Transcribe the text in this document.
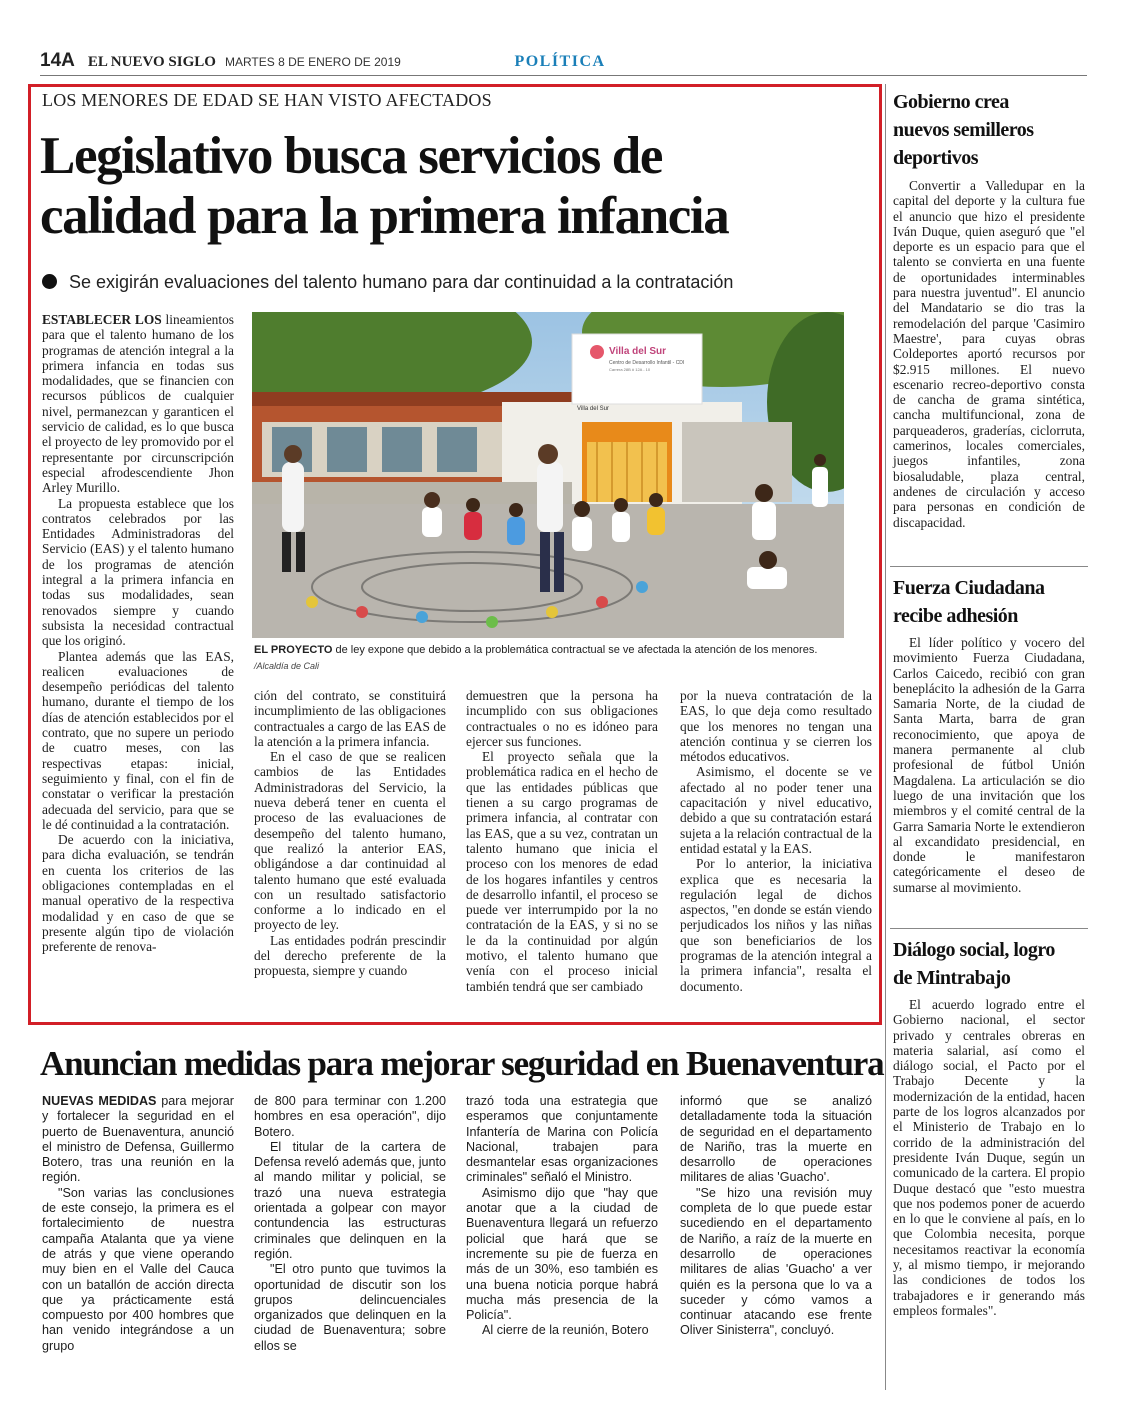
14A EL NUEVO SIGLO MARTES 8 DE ENERO DE 2019	POLÍTICA
LOS MENORES DE EDAD SE HAN VISTO AFECTADOS
Legislativo busca servicios de
calidad para la primera infancia
Se exigirán evaluaciones del talento humano para dar continuidad a la contratación

ESTABLECER LOS lineamientos para que el talento humano de los programas de atención integral a la primera infancia en todas sus modalidades, que se financien con recursos públicos de cualquier nivel, permanezcan y garanticen el servicio de calidad, es lo que busca el proyecto de ley promovido por el representante por circunscripción especial afrodescendiente Jhon Arley Murillo.

La propuesta establece que los contratos celebrados por las Entidades Administradoras del Servicio (EAS) y el talento humano de los programas de atención integral a la primera infancia en todas sus modalidades, sean renovados siempre y cuando subsista la necesidad contractual que los originó.

Plantea además que las EAS, realicen evaluaciones de desempeño periódicas del talento humano, durante el tiempo de los días de atención establecidos por el contrato, que no supere un periodo de cuatro meses, con las respectivas etapas: inicial, seguimiento y final, con el fin de constatar o verificar la prestación adecuada del servicio, para que se le dé continuidad a la contratación.

De acuerdo con la iniciativa, para dicha evaluación, se tendrán en cuenta los criterios de las obligaciones contempladas en el manual operativo de la respectiva modalidad y en caso de que se presente algún tipo de violación preferente de renova-

Villa del Sur
Centro de Desarrollo Infantil - CDI
Carrera 28B # 12A - 10
Villa del Sur
EL PROYECTO de ley expone que debido a la problemática contractual se ve afectada la atención de los menores.
/Alcaldía de Cali

ción del contrato, se constituirá incumplimiento de las obligaciones contractuales a cargo de las EAS de la atención a la primera infancia.

En el caso de que se realicen cambios de las Entidades Administradoras del Servicio, la nueva deberá tener en cuenta el proceso de las evaluaciones de desempeño del talento humano, que realizó la anterior EAS, obligándose a dar continuidad al talento humano que esté evaluada con un resultado satisfactorio conforme a lo indicado en el proyecto de ley.

Las entidades podrán prescindir del derecho preferente de la propuesta, siempre y cuando

demuestren que la persona ha incumplido con sus obligaciones contractuales o no es idóneo para ejercer sus funciones.

El proyecto señala que la problemática radica en el hecho de que las entidades públicas que tienen a su cargo programas de primera infancia, al contratar con las EAS, que a su vez, contratan un talento humano que inicia el proceso con los menores de edad de los hogares infantiles y centros de desarrollo infantil, el proceso se puede ver interrumpido por la no contratación de la EAS, y si no se le da la continuidad por algún motivo, el talento humano que venía con el proceso inicial también tendrá que ser cambiado

por la nueva contratación de la EAS, lo que deja como resultado que los menores no tengan una atención continua y se cierren los métodos educativos.

Asimismo, el docente se ve afectado al no poder tener una capacitación y nivel educativo, debido a que su contratación estará sujeta a la relación contractual de la entidad estatal y la EAS.

Por lo anterior, la iniciativa explica que es necesaria la regulación legal de dichos aspectos, "en donde se están viendo perjudicados los niños y las niñas que son beneficiarios de los programas de la atención integral a la primera infancia", resalta el documento.

Gobierno crea
nuevos semilleros
deportivos

Convertir a Valledupar en la capital del deporte y la cultura fue el anuncio que hizo el presidente Iván Duque, quien aseguró que "el deporte es un espacio para que el talento se convierta en una fuente de oportunidades interminables para nuestra juventud". El anuncio del Mandatario se dio tras la remodelación del parque 'Casimiro Maestre', para cuyas obras Coldeportes aportó recursos por $2.915 millones. El nuevo escenario recreo-deportivo consta de cancha de grama sintética, cancha multifuncional, zona de parqueaderos, graderías, ciclorruta, camerinos, locales comerciales, juegos infantiles, zona biosaludable, plaza central, andenes de circulación y acceso para personas en condición de discapacidad.

Fuerza Ciudadana
recibe adhesión

El líder político y vocero del movimiento Fuerza Ciudadana, Carlos Caicedo, recibió con gran beneplácito la adhesión de la Garra Samaria Norte, de la ciudad de Santa Marta, barra de gran reconocimiento, que apoya de manera permanente al club profesional de fútbol Unión Magdalena. La articulación se dio luego de una invitación que los miembros y el comité central de la Garra Samaria Norte le extendieron al excandidato presidencial, en donde le manifestaron categóricamente el deseo de sumarse al movimiento.

Diálogo social, logro
de Mintrabajo

El acuerdo logrado entre el Gobierno nacional, el sector privado y centrales obreras en materia salarial, así como el diálogo social, el Pacto por el Trabajo Decente y la modernización de la entidad, hacen parte de los logros alcanzados por el Ministerio de Trabajo en lo corrido de la administración del presidente Iván Duque, según un comunicado de la cartera. El propio Duque destacó que "esto muestra que nos podemos poner de acuerdo en lo que le conviene al país, en lo que Colombia necesita, porque necesitamos reactivar la economía y, al mismo tiempo, ir mejorando las condiciones de todos los trabajadores e ir generando más empleos formales".

Anuncian medidas para mejorar seguridad en Buenaventura

NUEVAS MEDIDAS para mejorar y fortalecer la seguridad en el puerto de Buenaventura, anunció el ministro de Defensa, Guillermo Botero, tras una reunión en la región.

"Son varias las conclusiones de este consejo, la primera es el fortalecimiento de nuestra campaña Atalanta que ya viene de atrás y que viene operando muy bien en el Valle del Cauca con un batallón de acción directa que ya prácticamente está compuesto por 400 hombres que han venido integrándose a un grupo

de 800 para terminar con 1.200 hombres en esa operación", dijo Botero.

El titular de la cartera de Defensa reveló además que, junto al mando militar y policial, se trazó una nueva estrategia orientada a golpear con mayor contundencia las estructuras criminales que delinquen en la región.

"El otro punto que tuvimos la oportunidad de discutir son los grupos delincuenciales organizados que delinquen en la ciudad de Buenaventura; sobre ellos se

trazó toda una estrategia que esperamos que conjuntamente Infantería de Marina con Policía Nacional, trabajen para desmantelar esas organizaciones criminales" señaló el Ministro.

Asimismo dijo que "hay que anotar que a la ciudad de Buenaventura llegará un refuerzo policial que hará que se incremente su pie de fuerza en más de un 30%, eso también es una buena noticia porque habrá mucha más presencia de la Policía".

Al cierre de la reunión, Botero

informó que se analizó detalladamente toda la situación de seguridad en el departamento de Nariño, tras la muerte en desarrollo de operaciones militares de alias 'Guacho'.

"Se hizo una revisión muy completa de lo que puede estar sucediendo en el departamento de Nariño, a raíz de la muerte en desarrollo de operaciones militares de alias 'Guacho' a ver quién es la persona que lo va a suceder y cómo vamos a continuar atacando ese frente Oliver Sinisterra", concluyó.
